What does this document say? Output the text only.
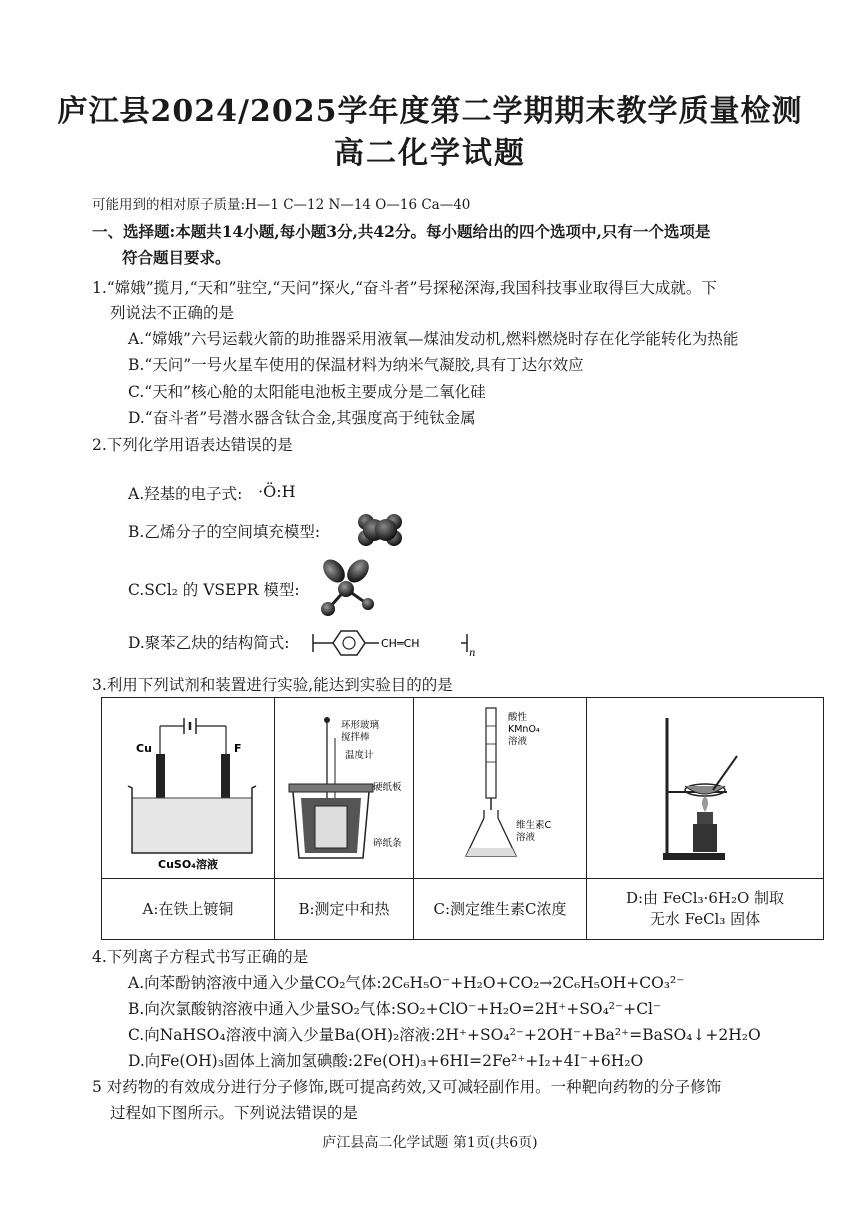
庐江县2024/2025学年度第二学期期末教学质量检测
高二化学试题
可能用到的相对原子质量:H—1 C—12 N—14 O—16 Ca—40
一、选择题:本题共14小题,每小题3分,共42分。每小题给出的四个选项中,只有一个选项是
符合题目要求。
1.“嫦娥”揽月,“天和”驻空,“天问”探火,“奋斗者”号探秘深海,我国科技事业取得巨大成就。下
列说法不正确的是
A.“嫦娥”六号运载火箭的助推器采用液氧—煤油发动机,燃料燃烧时存在化学能转化为热能
B.“天问”一号火星车使用的保温材料为纳米气凝胶,具有丁达尔效应
C.“天和”核心舱的太阳能电池板主要成分是二氧化硅
D.“奋斗者”号潜水器含钛合金,其强度高于纯钛金属
2.下列化学用语表达错误的是
A.羟基的电子式: ·Ö:H
B.乙烯分子的空间填充模型:
C.SCl₂ 的 VSEPR 模型:
D.聚苯乙炔的结构简式:	CH═CH
n
3.利用下列试剂和装置进行实验,能达到实验目的的是
Cu F
CuSO₄溶液	环形玻璃
搅拌棒
温度计
硬纸板
碎纸条	酸性
KMnO₄
溶液
维生素C
溶液

A:在铁上镀铜	B:测定中和热	C:测定维生素C浓度	D:由 FeCl₃·6H₂O 制取
无水 FeCl₃ 固体
4.下列离子方程式书写正确的是
A.向苯酚钠溶液中通入少量CO₂气体:2C₆H₅O⁻+H₂O+CO₂→2C₆H₅OH+CO₃²⁻
B.向次氯酸钠溶液中通入少量SO₂气体:SO₂+ClO⁻+H₂O=2H⁺+SO₄²⁻+Cl⁻
C.向NaHSO₄溶液中滴入少量Ba(OH)₂溶液:2H⁺+SO₄²⁻+2OH⁻+Ba²⁺=BaSO₄↓+2H₂O
D.向Fe(OH)₃固体上滴加氢碘酸:2Fe(OH)₃+6HI=2Fe²⁺+I₂+4I⁻+6H₂O
5 对药物的有效成分进行分子修饰,既可提高药效,又可减轻副作用。一种靶向药物的分子修饰
过程如下图所示。下列说法错误的是
庐江县高二化学试题 第1页(共6页)
